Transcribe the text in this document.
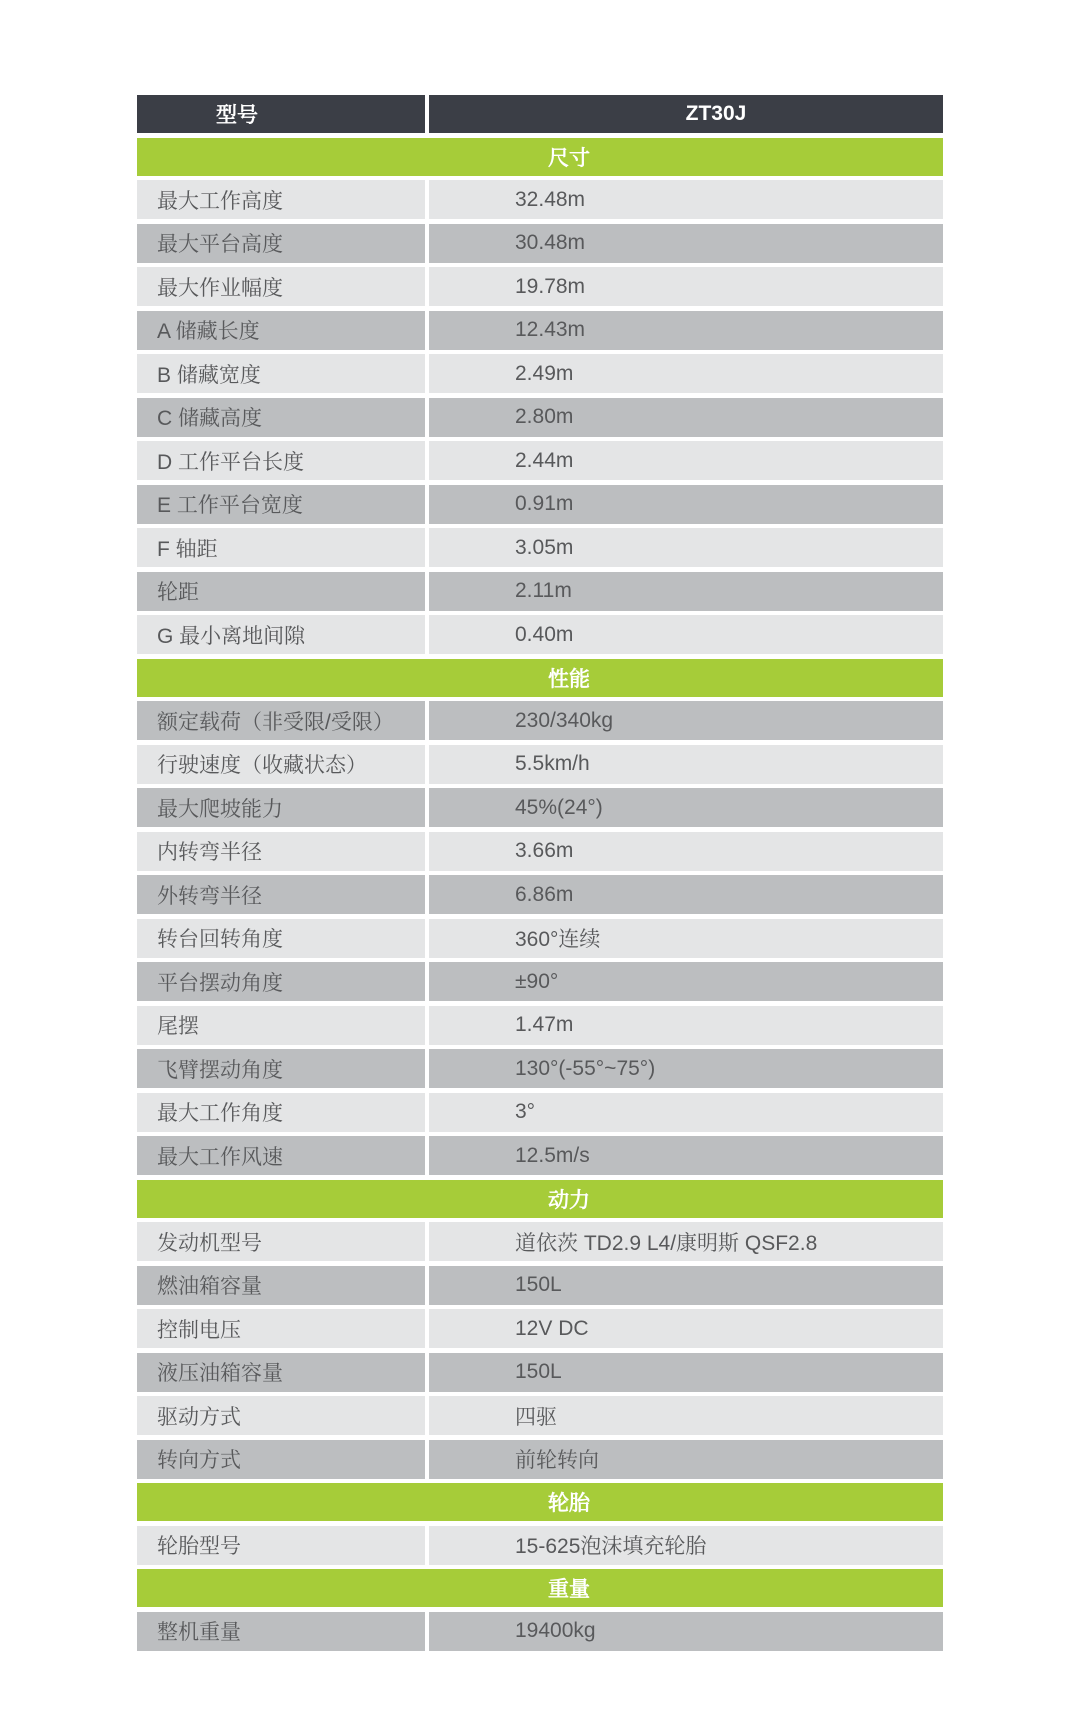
型号	ZT30J
尺寸
最大工作高度	32.48m
最大平台高度	30.48m
最大作业幅度	19.78m
A 储藏长度	12.43m
B 储藏宽度	2.49m
C 储藏高度	2.80m
D 工作平台长度	2.44m
E 工作平台宽度	0.91m
F 轴距	3.05m
轮距	2.11m
G 最小离地间隙	0.40m
性能
额定载荷（非受限/受限）	230/340kg
行驶速度（收藏状态）	5.5km/h
最大爬坡能力	45%(24°)
内转弯半径	3.66m
外转弯半径	6.86m
转台回转角度	360°连续
平台摆动角度	±90°
尾摆	1.47m
飞臂摆动角度	130°(-55°~75°)
最大工作角度	3°
最大工作风速	12.5m/s
动力
发动机型号	道依茨 TD2.9 L4/康明斯 QSF2.8
燃油箱容量	150L
控制电压	12V DC
液压油箱容量	150L
驱动方式	四驱
转向方式	前轮转向
轮胎
轮胎型号	15-625泡沫填充轮胎
重量
整机重量	19400kg
